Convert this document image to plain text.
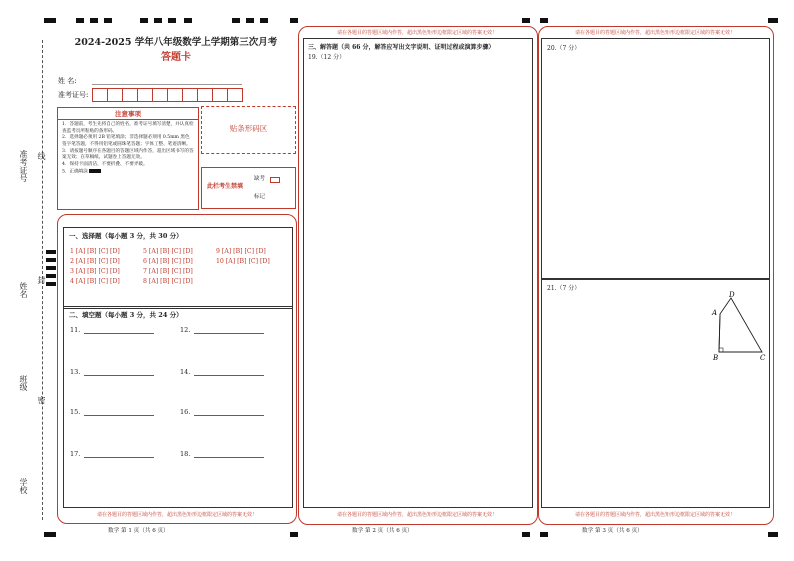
准考证号 线
姓名
封
班级
密
学校
2024-2025 学年八年级数学上学期第三次月考
答题卡
姓 名:
准考证号:
注意事项
1．答题前，考生先将自己的姓名，准考证号填写清楚，并认真检查监考员所粘贴的条形码。
2．选择题必须用 2B 铅笔填涂；非选择题必须用 0.5mm 黑色签字笔答题，不得用铅笔或圆珠笔答题；字体工整、笔迹清晰。
3．请按题号顺序在各题目的答题区域内作答，超出区域书写的答案无效；在草稿纸、试题卷上答题无效。
4．保持卡面清洁，不要折叠、不要弄破。
5．正确填涂
贴条形码区
此栏考生禁填
缺考
标记
一、选择题（每小题 3 分，共 30 分）
1 [A] [B] [C] [D]
2 [A] [B] [C] [D]
3 [A] [B] [C] [D]
4 [A] [B] [C] [D]
5 [A] [B] [C] [D]
6 [A] [B] [C] [D]
7 [A] [B] [C] [D]
8 [A] [B] [C] [D]
9 [A] [B] [C] [D]
10 [A] [B] [C] [D]
二、填空题（每小题 3 分，共 24 分）
11.	12.
13.	14.
15.	16.
17.	18.
请在各题目的答题区域内作答，超出黑色矩形边框限定区域的答案无效！
请在各题目的答题区域内作答，超出黑色矩形边框限定区域的答案无效！
三、解答题（共 66 分，解答应写出文字说明、证明过程或演算步骤）
19.（12 分）
请在各题目的答题区域内作答，超出黑色矩形边框限定区域的答案无效！
请在各题目的答题区域内作答，超出黑色矩形边框限定区域的答案无效！
20.（7 分）
21.（7 分）
D
A
B	C
请在各题目的答题区域内作答，超出黑色矩形边框限定区域的答案无效！
数学 第 1 页（共 6 页）	数学 第 2 页（共 6 页）	数学 第 3 页（共 6 页）
